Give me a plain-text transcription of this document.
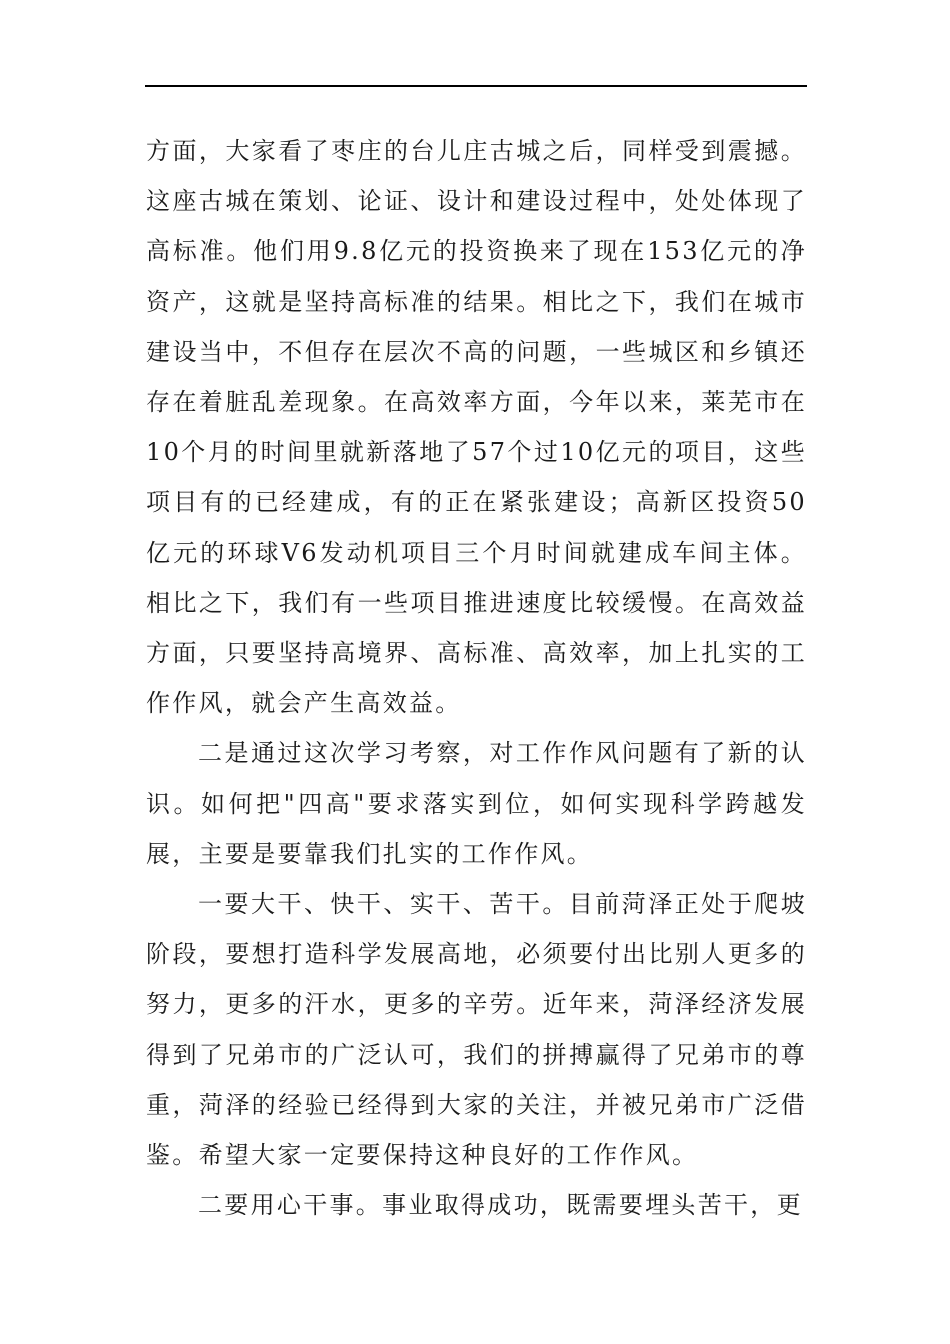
方面，大家看了枣庄的台儿庄古城之后，同样受到震撼。这座古城在策划、论证、设计和建设过程中，处处体现了高标准。他们用9.8亿元的投资换来了现在153亿元的净资产，这就是坚持高标准的结果。相比之下，我们在城市建设当中，不但存在层次不高的问题，一些城区和乡镇还存在着脏乱差现象。在高效率方面，今年以来，莱芜市在10个月的时间里就新落地了57个过10亿元的项目，这些项目有的已经建成，有的正在紧张建设；高新区投资50亿元的环球V6发动机项目三个月时间就建成车间主体。相比之下，我们有一些项目推进速度比较缓慢。在高效益方面，只要坚持高境界、高标准、高效率，加上扎实的工作作风，就会产生高效益。

二是通过这次学习考察，对工作作风问题有了新的认识。如何把"四高"要求落实到位，如何实现科学跨越发展，主要是要靠我们扎实的工作作风。

一要大干、快干、实干、苦干。目前菏泽正处于爬坡阶段，要想打造科学发展高地，必须要付出比别人更多的努力，更多的汗水，更多的辛劳。近年来，菏泽经济发展得到了兄弟市的广泛认可，我们的拼搏赢得了兄弟市的尊重，菏泽的经验已经得到大家的关注，并被兄弟市广泛借鉴。希望大家一定要保持这种良好的工作作风。

二要用心干事。事业取得成功，既需要埋头苦干，更
